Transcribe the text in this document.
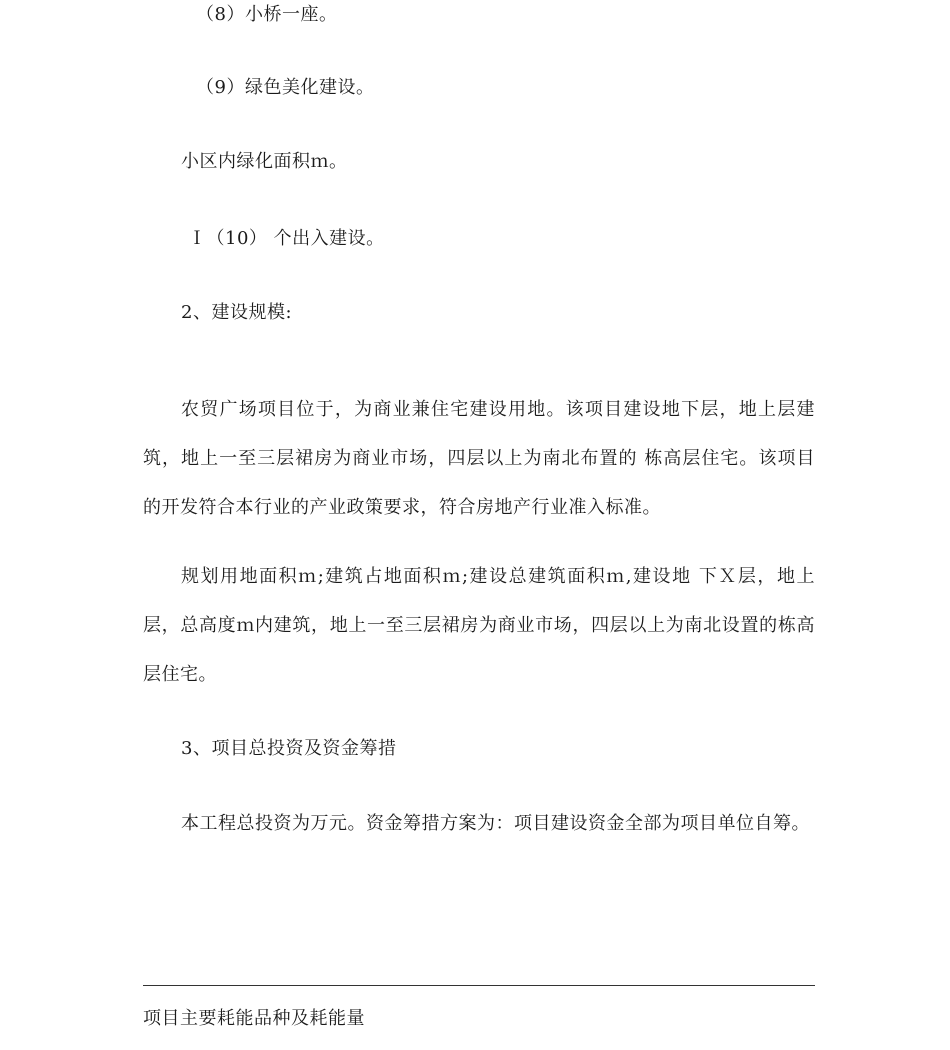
（8）小桥一座。
（9）绿色美化建设。
小区内绿化面积ｍ。
Ｉ（10） 个出入建设。
2、建设规模:
农贸广场项目位于，为商业兼住宅建设用地。该项目建设地下层，地上层建筑，地上一至三层裙房为商业市场，四层以上为南北布置的 栋高层住宅。该项目的开发符合本行业的产业政策要求，符合房地产行业准入标准。
规划用地面积ｍ;建筑占地面积ｍ;建设总建筑面积ｍ,建设地 下Ｘ层，地上层，总高度ｍ内建筑，地上一至三层裙房为商业市场，四层以上为南北设置的栋高层住宅。
3、项目总投资及资金筹措
本工程总投资为万元。资金筹措方案为：项目建设资金全部为项目单位自筹。
项目主要耗能品种及耗能量
